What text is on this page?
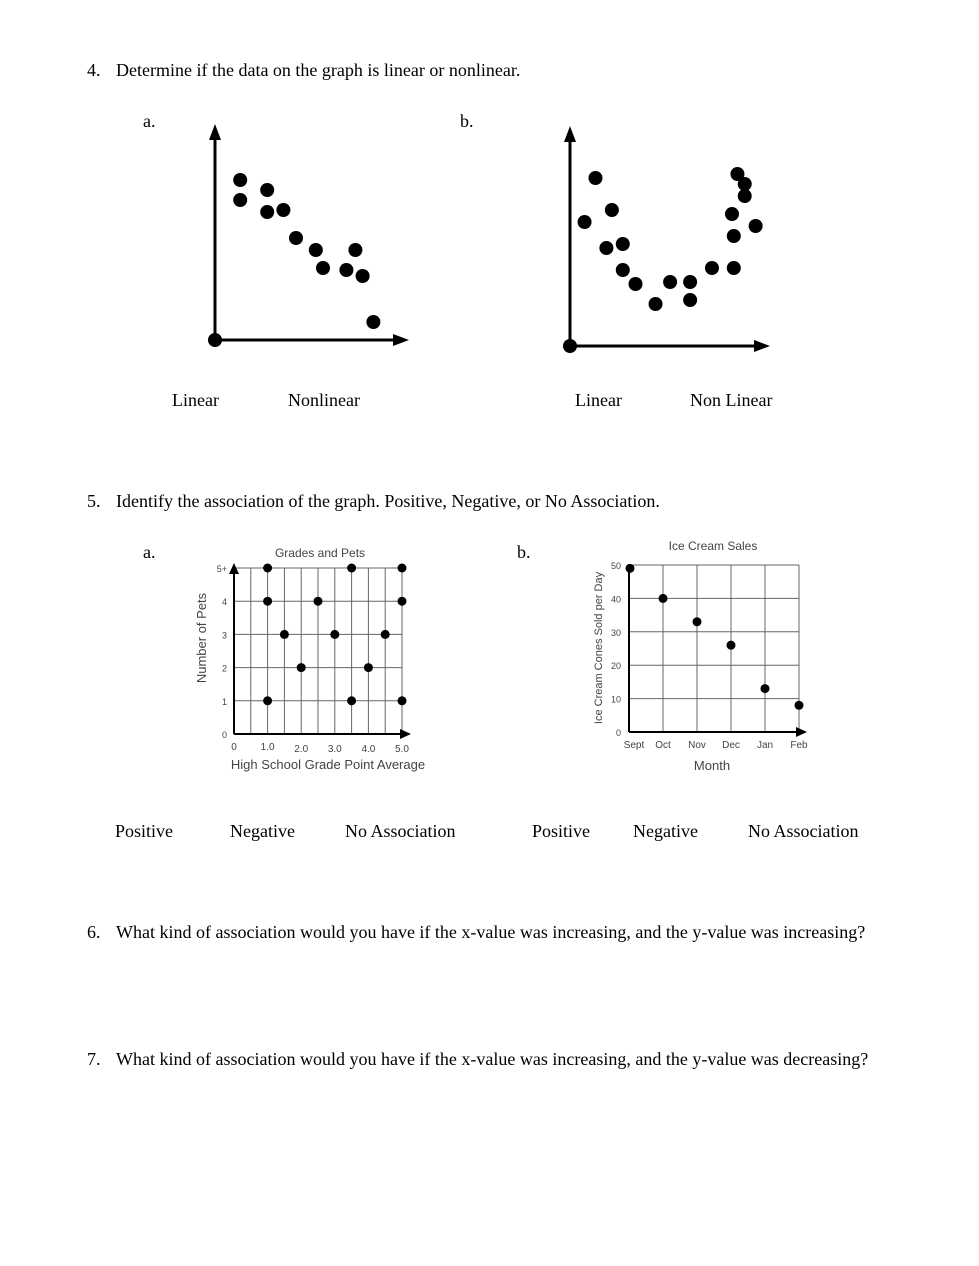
4. Determine if the data on the graph is linear or nonlinear.
a.	b.
Linear	Nonlinear	Linear	Non Linear
5. Identify the association of the graph. Positive, Negative, or No Association.
a.	b.
Grades and Pets
0 1.0 2.0 3.0 4.0 5.0
0
1
2
3
4
5+
High School Grade Point Average
Number of Pets
Ice Cream Sales
Sept Oct Nov Dec Jan Feb
0
10
20
30
40
50
Month
Ice Cream Cones Sold per Day
Positive	Negative	No Association	Positive Negative	No Association
6. What kind of association would you have if the x-value was increasing, and the y-value was increasing?
7. What kind of association would you have if the x-value was increasing, and the y-value was decreasing?
